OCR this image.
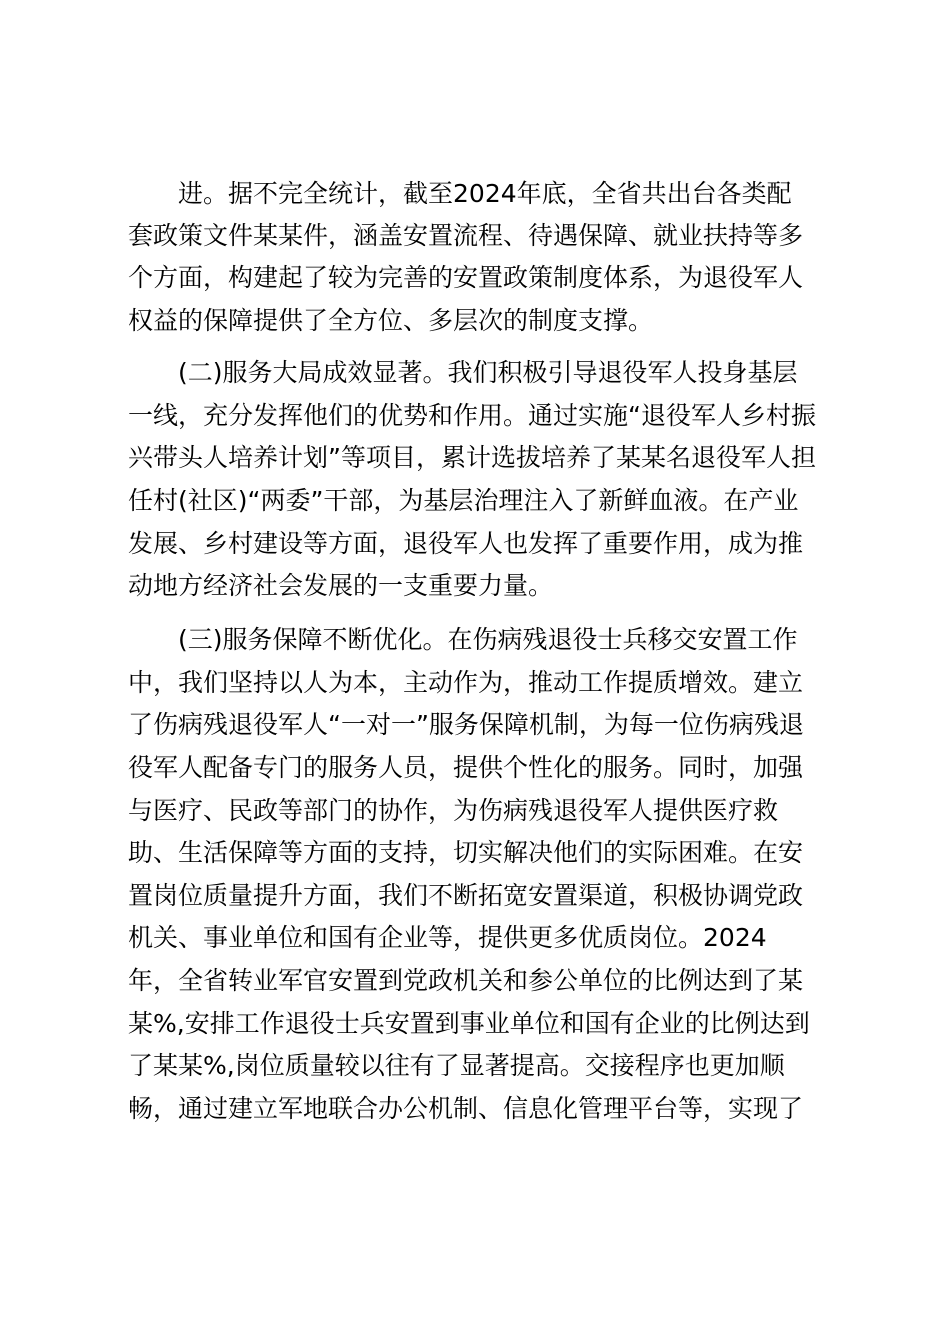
进。据不完全统计，截至2024年底，全省共出台各类配
套政策文件某某件，涵盖安置流程、待遇保障、就业扶持等多
个方面，构建起了较为完善的安置政策制度体系，为退役军人
权益的保障提供了全方位、多层次的制度支撑。
(二)服务大局成效显著。我们积极引导退役军人投身基层
一线，充分发挥他们的优势和作用。通过实施“退役军人乡村振
兴带头人培养计划”等项目，累计选拔培养了某某名退役军人担
任村(社区)“两委”干部，为基层治理注入了新鲜血液。在产业
发展、乡村建设等方面，退役军人也发挥了重要作用，成为推
动地方经济社会发展的一支重要力量。
(三)服务保障不断优化。在伤病残退役士兵移交安置工作
中，我们坚持以人为本，主动作为，推动工作提质增效。建立
了伤病残退役军人“一对一”服务保障机制，为每一位伤病残退
役军人配备专门的服务人员，提供个性化的服务。同时，加强
与医疗、民政等部门的协作，为伤病残退役军人提供医疗救
助、生活保障等方面的支持，切实解决他们的实际困难。在安
置岗位质量提升方面，我们不断拓宽安置渠道，积极协调党政
机关、事业单位和国有企业等，提供更多优质岗位。2024
年，全省转业军官安置到党政机关和参公单位的比例达到了某
某%,安排工作退役士兵安置到事业单位和国有企业的比例达到
了某某%,岗位质量较以往有了显著提高。交接程序也更加顺
畅，通过建立军地联合办公机制、信息化管理平台等，实现了
